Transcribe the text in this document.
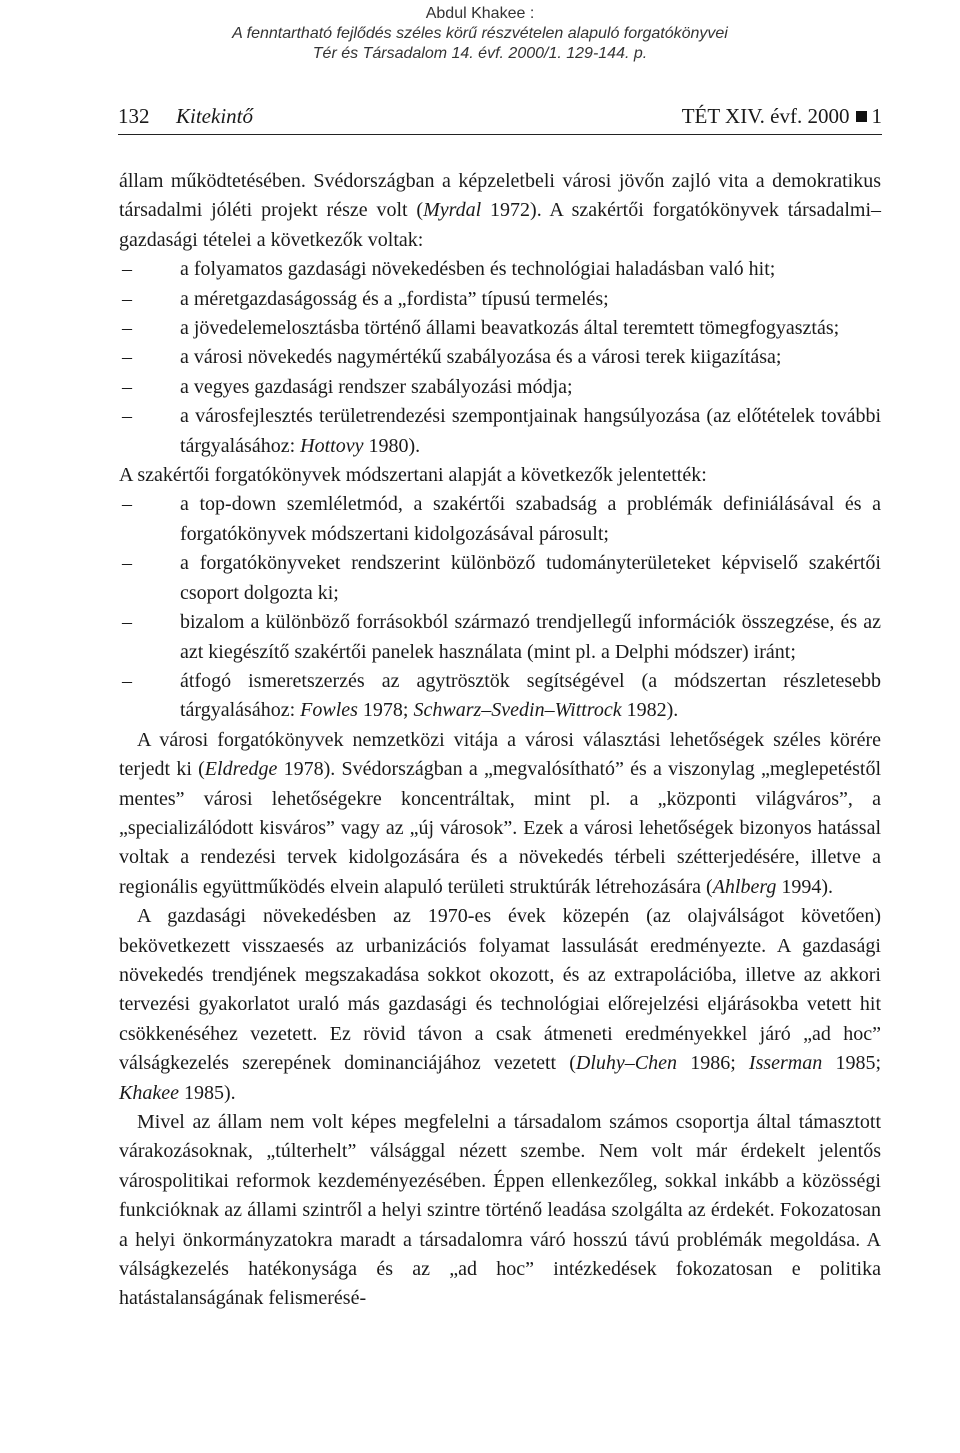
Abdul Khakee :
A fenntartható fejlődés széles körű részvételen alapuló forgatókönyvei
Tér és Társadalom 14. évf. 2000/1. 129-144. p.
132 Kitekintő	TÉT XIV. évf. 2000 1

állam működtetésében. Svédországban a képzeletbeli városi jövőn zajló vita a demokratikus társadalmi jóléti projekt része volt (Myrdal 1972). A szakértői forgatókönyvek társadalmi–gazdasági tételei a következők voltak:

– a folyamatos gazdasági növekedésben és technológiai haladásban való hit;
– a méretgazdaságosság és a „fordista” típusú termelés;
– a jövedelemelosztásba történő állami beavatkozás által teremtett tömegfogyasztás;
– a városi növekedés nagymértékű szabályozása és a városi terek kiigazítása;
– a vegyes gazdasági rendszer szabályozási módja;
– a városfejlesztés területrendezési szempontjainak hangsúlyozása (az előtételek további tárgyalásához: Hottovy 1980).

A szakértői forgatókönyvek módszertani alapját a következők jelentették:

– a top-down szemléletmód, a szakértői szabadság a problémák definiálásával és a forgatókönyvek módszertani kidolgozásával párosult;
– a forgatókönyveket rendszerint különböző tudományterületeket képviselő szakértői csoport dolgozta ki;
– bizalom a különböző forrásokból származó trendjellegű információk összegzése, és az azt kiegészítő szakértői panelek használata (mint pl. a Delphi módszer) iránt;
– átfogó ismeretszerzés az agytrösztök segítségével (a módszertan részletesebb tárgyalásához: Fowles 1978; Schwarz–Svedin–Wittrock 1982).

A városi forgatókönyvek nemzetközi vitája a városi választási lehetőségek széles körére terjedt ki (Eldredge 1978). Svédországban a „megvalósítható” és a viszonylag „meglepetéstől mentes” városi lehetőségekre koncentráltak, mint pl. a „központi világváros”, a „specializálódott kisváros” vagy az „új városok”. Ezek a városi lehetőségek bizonyos hatással voltak a rendezési tervek kidolgozására és a növekedés térbeli szétterjedésére, illetve a regionális együttműködés elvein alapuló területi struktúrák létrehozására (Ahlberg 1994).

A gazdasági növekedésben az 1970-es évek közepén (az olajválságot követően) bekövetkezett visszaesés az urbanizációs folyamat lassulását eredményezte. A gazdasági növekedés trendjének megszakadása sokkot okozott, és az extrapolációba, illetve az akkori tervezési gyakorlatot uraló más gazdasági és technológiai előrejelzési eljárásokba vetett hit csökkenéséhez vezetett. Ez rövid távon a csak átmeneti eredményekkel járó „ad hoc” válságkezelés szerepének dominanciájához vezetett (Dluhy–Chen 1986; Isserman 1985; Khakee 1985).

Mivel az állam nem volt képes megfelelni a társadalom számos csoportja által támasztott várakozásoknak, „túlterhelt” válsággal nézett szembe. Nem volt már érdekelt jelentős várospolitikai reformok kezdeményezésében. Éppen ellenkezőleg, sokkal inkább a közösségi funkcióknak az állami szintről a helyi szintre történő leadása szolgálta az érdekét. Fokozatosan a helyi önkormányzatokra maradt a társadalomra váró hosszú távú problémák megoldása. A válságkezelés hatékonysága és az „ad hoc” intézkedések fokozatosan e politika hatástalanságának felismerésé-
